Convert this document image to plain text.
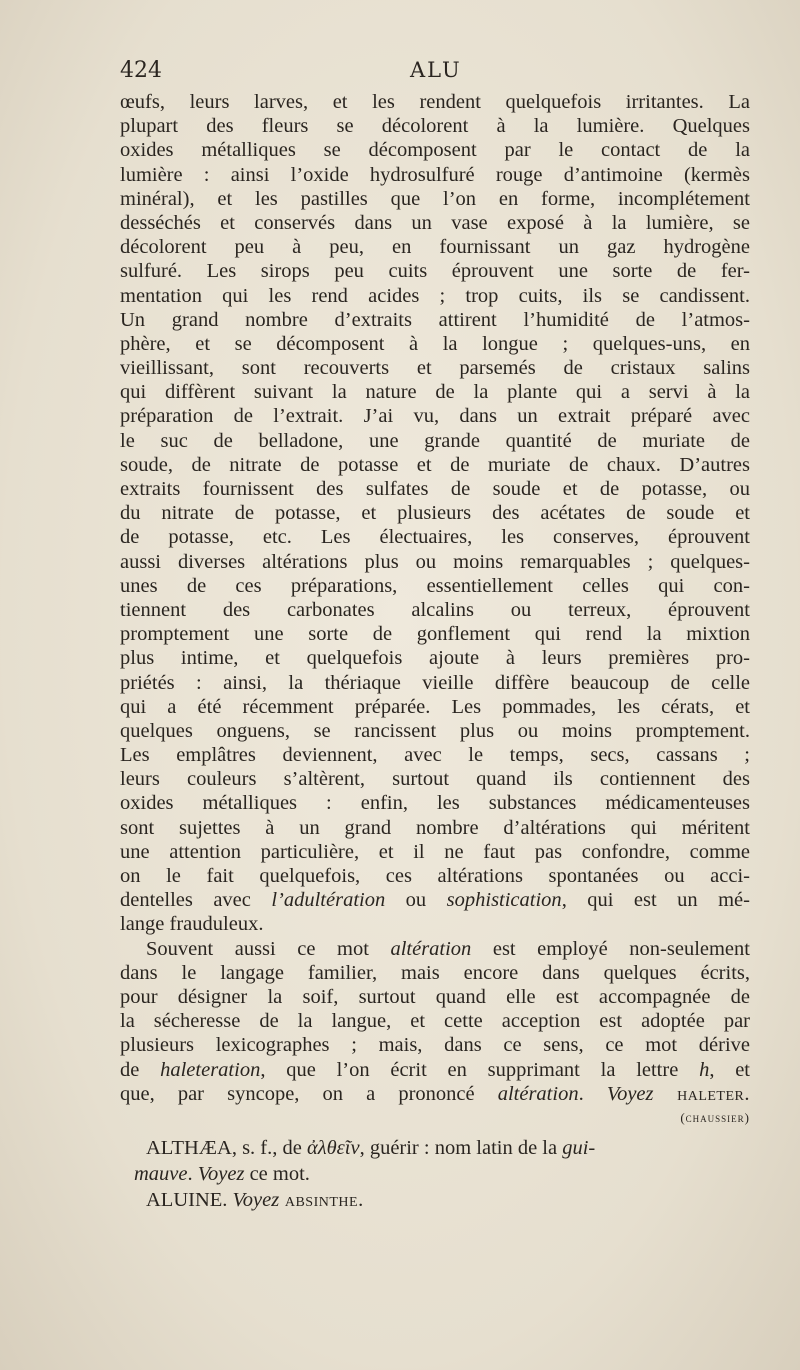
424	ALU
œufs, leurs larves, et les rendent quelquefois irritantes. La
plupart des fleurs se décolorent à la lumière. Quelques
oxides métalliques se décomposent par le contact de la
lumière : ainsi l’oxide hydrosulfuré rouge d’antimoine (kermès
minéral), et les pastilles que l’on en forme, incomplétement
desséchés et conservés dans un vase exposé à la lumière, se
décolorent peu à peu, en fournissant un gaz hydrogène
sulfuré. Les sirops peu cuits éprouvent une sorte de fer-
mentation qui les rend acides ; trop cuits, ils se candissent.
Un grand nombre d’extraits attirent l’humidité de l’atmos-
phère, et se décomposent à la longue ; quelques-uns, en
vieillissant, sont recouverts et parsemés de cristaux salins
qui diffèrent suivant la nature de la plante qui a servi à la
préparation de l’extrait. J’ai vu, dans un extrait préparé avec
le suc de belladone, une grande quantité de muriate de
soude, de nitrate de potasse et de muriate de chaux. D’autres
extraits fournissent des sulfates de soude et de potasse, ou
du nitrate de potasse, et plusieurs des acétates de soude et
de potasse, etc. Les électuaires, les conserves, éprouvent
aussi diverses altérations plus ou moins remarquables ; quelques-
unes de ces préparations, essentiellement celles qui con-
tiennent des carbonates alcalins ou terreux, éprouvent
promptement une sorte de gonflement qui rend la mixtion
plus intime, et quelquefois ajoute à leurs premières pro-
priétés : ainsi, la thériaque vieille diffère beaucoup de celle
qui a été récemment préparée. Les pommades, les cérats, et
quelques onguens, se rancissent plus ou moins promptement.
Les emplâtres deviennent, avec le temps, secs, cassans ;
leurs couleurs s’altèrent, surtout quand ils contiennent des
oxides métalliques : enfin, les substances médicamenteuses
sont sujettes à un grand nombre d’altérations qui méritent
une attention particulière, et il ne faut pas confondre, comme
on le fait quelquefois, ces altérations spontanées ou acci-
dentelles avec l’adultération ou sophistication, qui est un mé-
lange frauduleux.
Souvent aussi ce mot altération est employé non-seulement
dans le langage familier, mais encore dans quelques écrits,
pour désigner la soif, surtout quand elle est accompagnée de
la sécheresse de la langue, et cette acception est adoptée par
plusieurs lexicographes ; mais, dans ce sens, ce mot dérive
de haleteration, que l’on écrit en supprimant la lettre h, et
que, par syncope, on a prononcé altération. Voyez haleter.
(chaussier)
ALTHÆA, s. f., de ἀλθεῖν, guérir : nom latin de la gui-
mauve. Voyez ce mot.
ALUINE. Voyez absinthe.
